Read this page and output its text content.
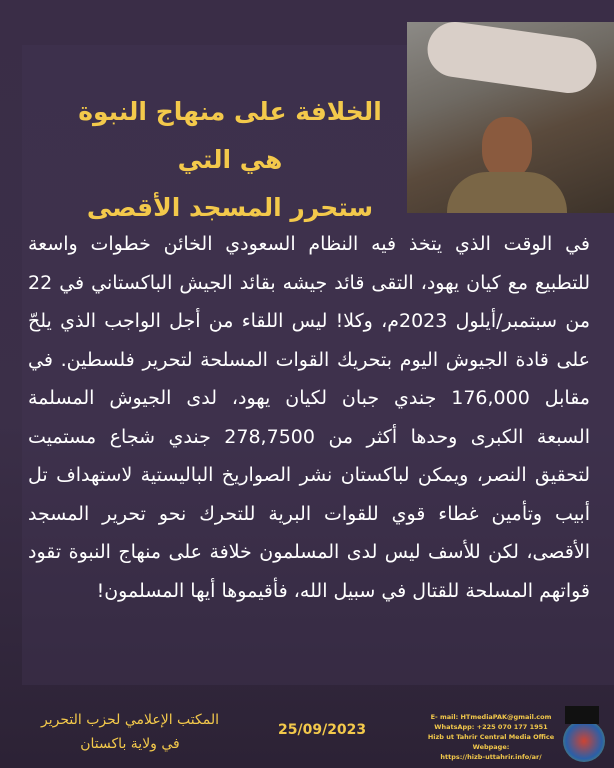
الخلافة على منهاج النبوة هي التي
ستحرر المسجد الأقصى
في الوقت الذي يتخذ فيه النظام السعودي الخائن خطوات واسعة
للتطبيع مع كيان يهود، التقى قائد جيشه بقائد الجيش الباكستاني في 22
من سبتمبر/أيلول 2023م، وكلا! ليس اللقاء من أجل الواجب الذي يلحّ
على قادة الجيوش اليوم بتحريك القوات المسلحة لتحرير فلسطين. في
مقابل 176,000 جندي جبان لكيان يهود، لدى الجيوش المسلمة
السبعة الكبرى وحدها أكثر من 278,7500 جندي شجاع مستميت
لتحقيق النصر، ويمكن لباكستان نشر الصواريخ الباليستية لاستهداف تل
أبيب وتأمين غطاء قوي للقوات البرية للتحرك نحو تحرير المسجد
الأقصى، لكن للأسف ليس لدى المسلمون خلافة على منهاج النبوة تقود
قواتهم المسلحة للقتال في سبيل الله، فأقيموها أيها المسلمون!
المكتب الإعلامي لحزب التحرير
في ولاية باكستان
25/09/2023
E- mail: HTmediaPAK@gmail.com
WhatsApp: +225 070 177 1951
Hizb ut Tahrir Central Media Office Webpage:
https://hizb-uttahrir.info/ar/
